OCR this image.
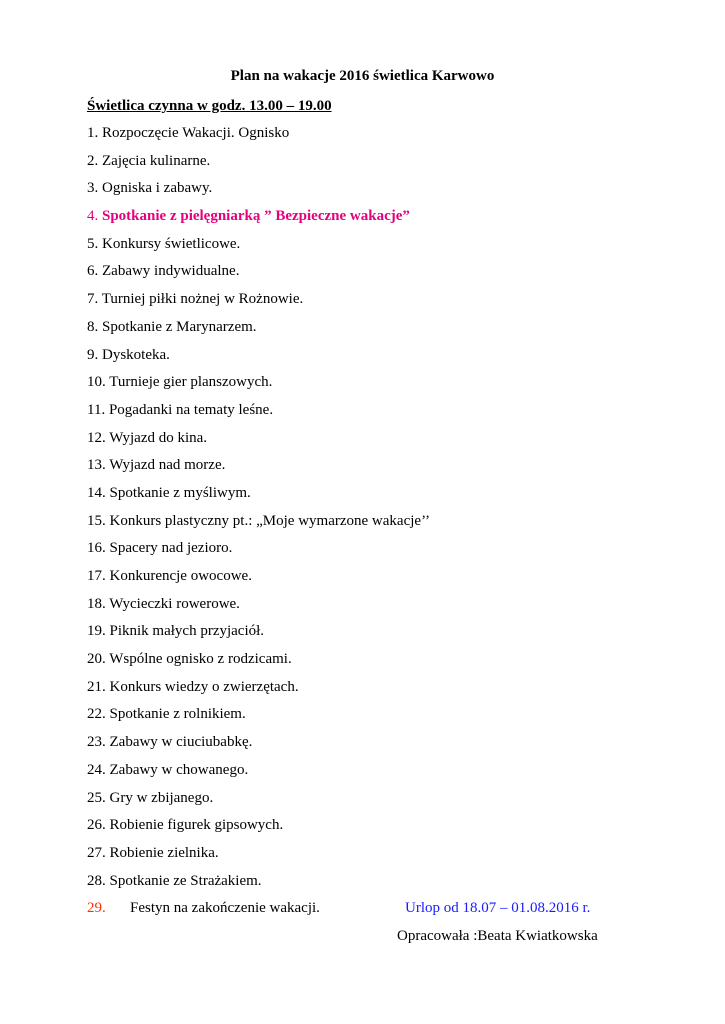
Plan na wakacje 2016 świetlica Karwowo
Świetlica czynna w godz. 13.00 – 19.00
1. Rozpoczęcie Wakacji. Ognisko
2. Zajęcia kulinarne.
3. Ogniska i zabawy.
4. Spotkanie z pielęgniarką ” Bezpieczne wakacje”
5. Konkursy świetlicowe.
6. Zabawy indywidualne.
7. Turniej piłki nożnej w Rożnowie.
8. Spotkanie z Marynarzem.
9. Dyskoteka.
10. Turnieje gier planszowych.
11. Pogadanki na tematy leśne.
12. Wyjazd do kina.
13. Wyjazd nad morze.
14. Spotkanie z myśliwym.
15. Konkurs plastyczny pt.: „Moje wymarzone wakacje’’
16. Spacery nad jezioro.
17. Konkurencje owocowe.
18. Wycieczki rowerowe.
19. Piknik małych przyjaciół.
20. Wspólne ognisko z rodzicami.
21. Konkurs wiedzy o zwierzętach.
22. Spotkanie z rolnikiem.
23. Zabawy w ciuciubabkę.
24. Zabawy w chowanego.
25. Gry w zbijanego.
26. Robienie figurek gipsowych.
27. Robienie zielnika.
28. Spotkanie ze Strażakiem.
29. Festyn na zakończenie wakacji.	Urlop od 18.07 – 01.08.2016 r.
Opracowała :Beata Kwiatkowska
